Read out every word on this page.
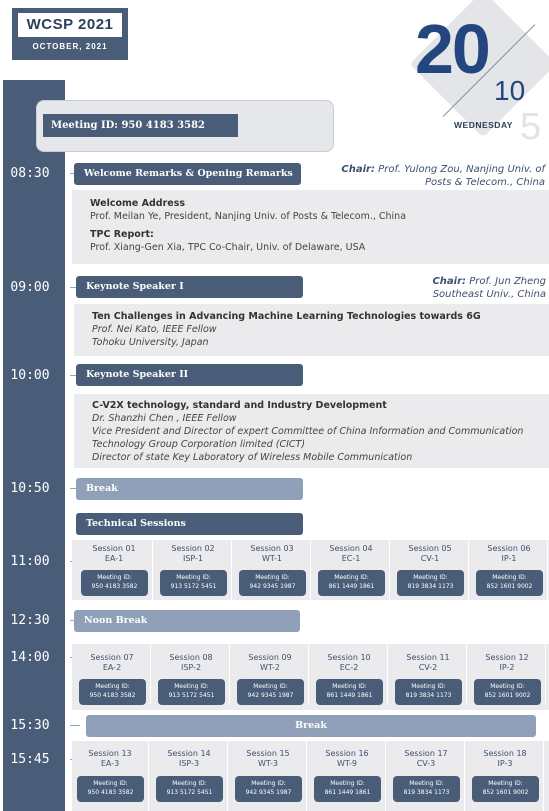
WCSP 2021
OCTOBER, 2021
5
20
10
WEDNESDAY
08:30
09:00
10:00
10:50
11:00
12:30
14:00
15:30
15:45
Meeting ID: 950 4183 3582
Welcome Remarks & Opening Remarks	Chair: Prof. Yulong Zou, Nanjing Univ. of
Posts & Telecom., China
Welcome Address
Prof. Meilan Ye, President, Nanjing Univ. of Posts & Telecom., China
TPC Report:
Prof. Xiang-Gen Xia, TPC Co-Chair, Univ. of Delaware, USA
Keynote Speaker I	Chair: Prof. Jun Zheng
Southeast Univ., China
Ten Challenges in Advancing Machine Learning Technologies towards 6G
Prof. Nei Kato, IEEE Fellow
Tohoku University, Japan
Keynote Speaker II
C-V2X technology, standard and Industry Development
Dr. Shanzhi Chen , IEEE Fellow
Vice President and Director of expert Committee of China Information and Communication
Technology Group Corporation limited (CICT)
Director of state Key Laboratory of Wireless Mobile Communication
Break
Technical Sessions
Session 01
EA-1
Meeting ID:
950 4183 3582
Session 02
ISP-1
Meeting ID:
913 5172 5451
Session 03
WT-1
Meeting ID:
942 9345 1987
Session 04
EC-1
Meeting ID:
861 1449 1861
Session 05
CV-1
Meeting ID:
819 3834 1173
Session 06
IP-1
Meeting ID:
852 1601 9002
Noon Break
Session 07
EA-2
Meeting ID:
950 4183 3582
Session 08
ISP-2
Meeting ID:
913 5172 5451
Session 09
WT-2
Meeting ID:
942 9345 1987
Session 10
EC-2
Meeting ID:
861 1449 1861
Session 11
CV-2
Meeting ID:
819 3834 1173
Session 12
IP-2
Meeting ID:
852 1601 9002
Break
Session 13
EA-3
Meeting ID:
950 4183 3582
Session 14
ISP-3
Meeting ID:
913 5172 5451
Session 15
WT-3
Meeting ID:
942 9345 1987
Session 16
WT-9
Meeting ID:
861 1449 1861
Session 17
CV-3
Meeting ID:
819 3834 1173
Session 18
IP-3
Meeting ID:
852 1601 9002
